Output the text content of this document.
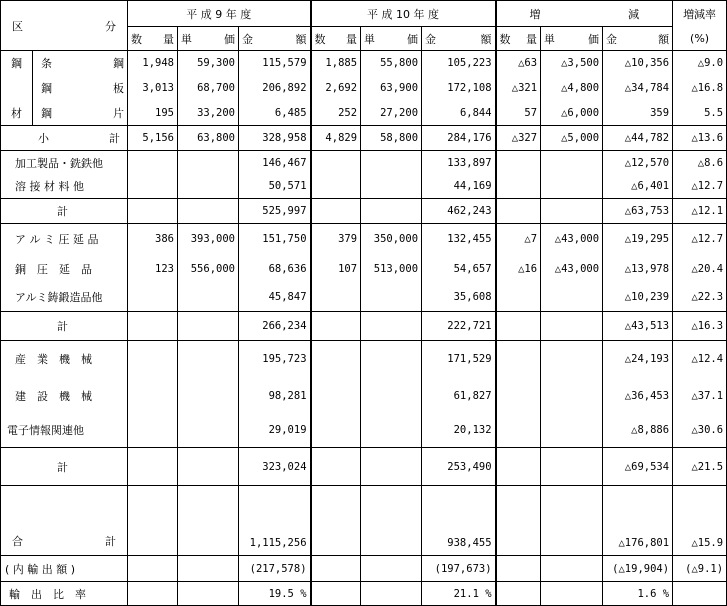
区 分		平 成 9 年 度			平 成 10 年 度			増 減			増減率

		数 量	単 価	金 額	数 量	単 価	金 額	数 量	単 価	金 額	(%)
鋼	条 鋼	1,948	59,300	115,579	1,885	55,800	105,223	△63	△3,500	△10,356	△9.0

	鋼 板	3,013	68,700	206,892	2,692	63,900	172,108	△321	△4,800	△34,784	△16.8
材	鋼 片	195	33,200	6,485	252	27,200	6,844	57	△6,000	359	5.5

小 計		5,156	63,800	328,958	4,829	58,800	284,176	△327	△5,000	△44,782	△13.6
加工製品・銑鉄他				146,467			133,897			△12,570	△8.6
溶 接 材 料 他				50,571			44,169			△6,401	△12.7
計				525,997			462,243			△63,753	△12.1
ア ル ミ 圧 延 品		386	393,000	151,750	379	350,000	132,455	△7	△43,000	△19,295	△12.7
銅　圧　延　品		123	556,000	68,636	107	513,000	54,657	△16	△43,000	△13,978	△20.4
アルミ鋳鍛造品他				45,847			35,608			△10,239	△22.3
計				266,234			222,721			△43,513	△16.3
産　業　機　械				195,723			171,529			△24,193	△12.4
建　設　機　械				98,281			61,827			△36,453	△37.1
電子情報関連他				29,019			20,132			△8,886	△30.6
計				323,024			253,490			△69,534	△21.5

合 計				1,115,256			938,455			△176,801	△15.9
( 内 輸 出 額 )				(217,578)			(197,673)			(△19,904)	(△9.1)
輸　出　比　率				19.5 %			21.1 %			1.6 %	
